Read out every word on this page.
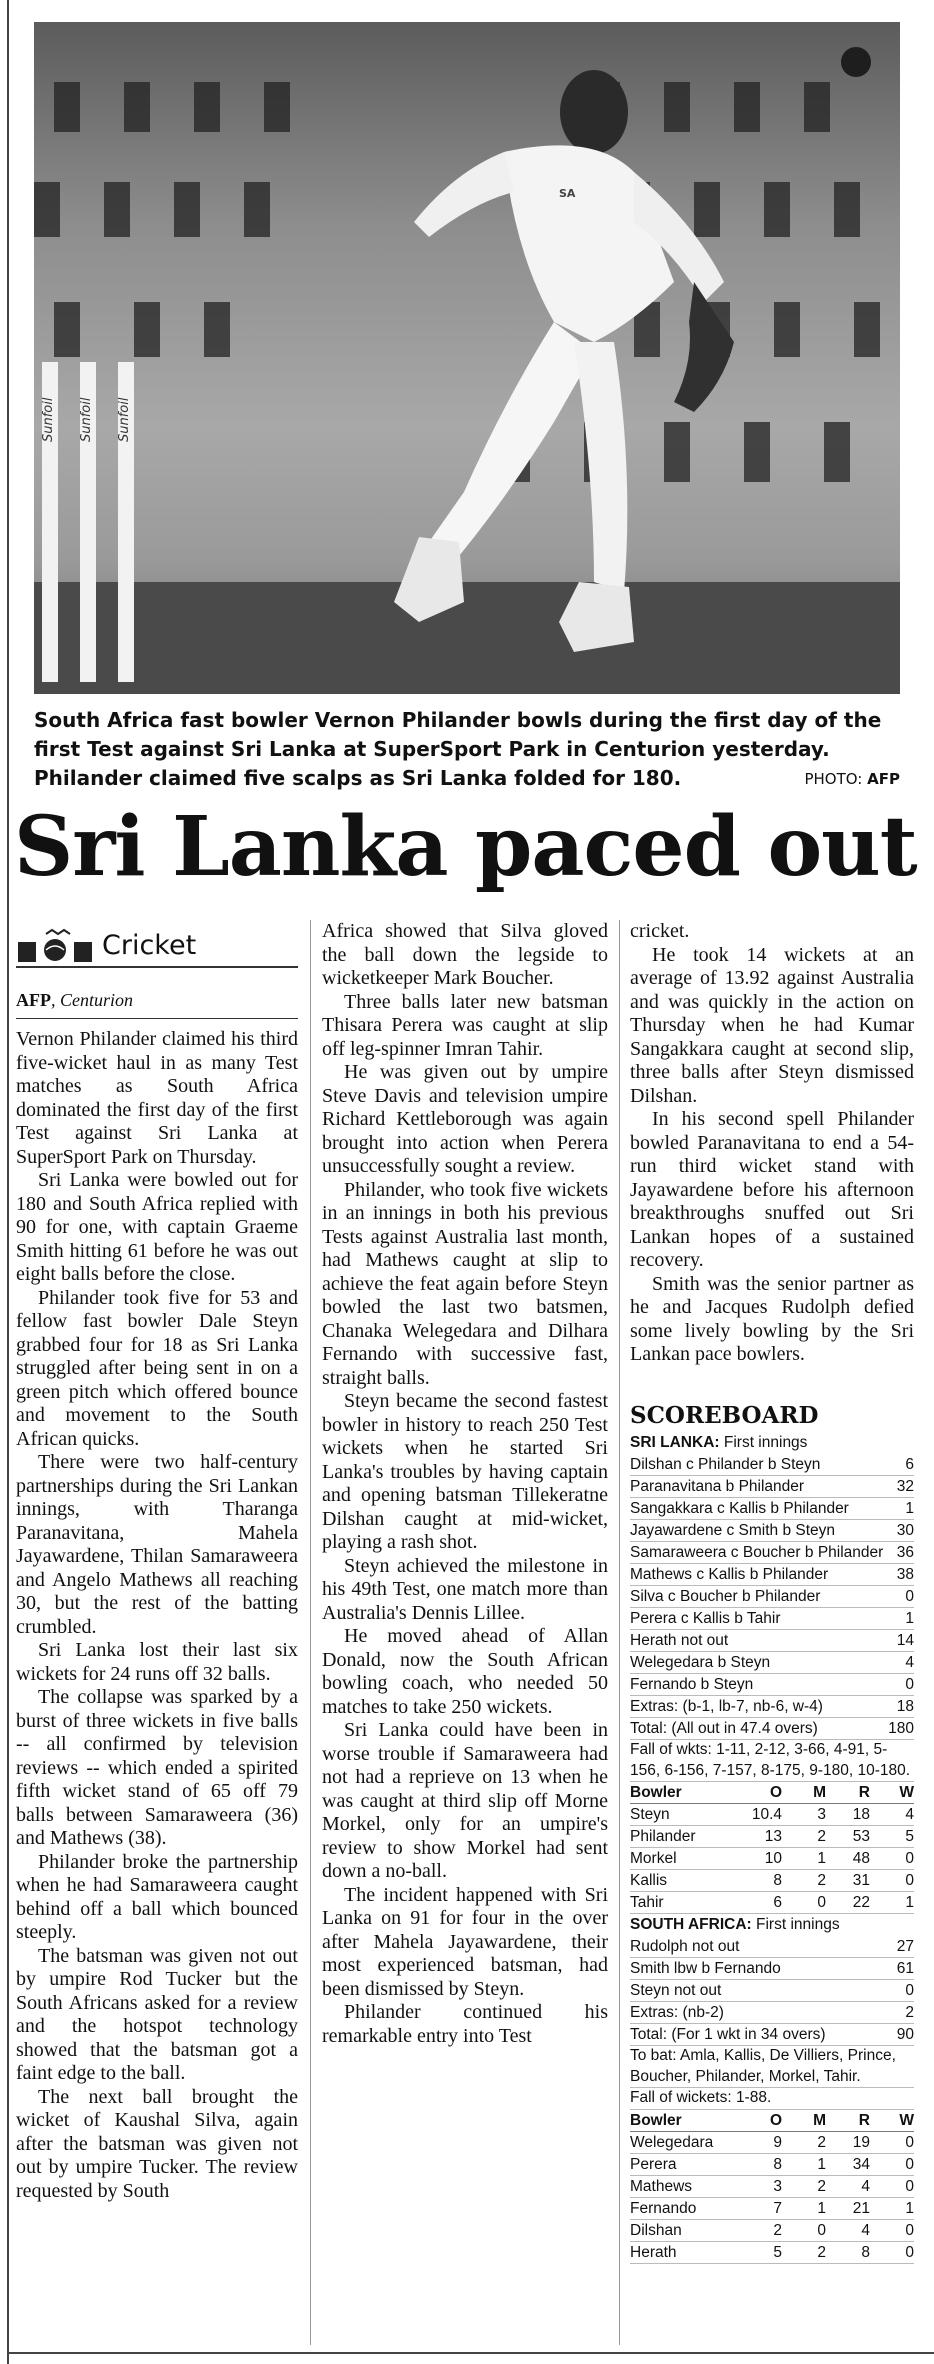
Sunfoil Sunfoil Sunfoil
SA
South Africa fast bowler Vernon Philander bowls during the first day of the first Test against Sri Lanka at SuperSport Park in Centurion yesterday. Philander claimed five scalps as Sri Lanka folded for 180.	PHOTO: AFP
Sri Lanka paced out
Cricket
AFP, Centurion

Vernon Philander claimed his third five-wicket haul in as many Test matches as South Africa dominated the first day of the first Test against Sri Lanka at SuperSport Park on Thursday.

Sri Lanka were bowled out for 180 and South Africa replied with 90 for one, with captain Graeme Smith hitting 61 before he was out eight balls before the close.

Philander took five for 53 and fellow fast bowler Dale Steyn grabbed four for 18 as Sri Lanka struggled after being sent in on a green pitch which offered bounce and movement to the South African quicks.

There were two half-century partnerships during the Sri Lankan innings, with Tharanga Paranavitana, Mahela Jayawardene, Thilan Samaraweera and Angelo Mathews all reaching 30, but the rest of the batting crumbled.

Sri Lanka lost their last six wickets for 24 runs off 32 balls.

The collapse was sparked by a burst of three wickets in five balls -- all confirmed by television reviews -- which ended a spirited fifth wicket stand of 65 off 79 balls between Samaraweera (36) and Mathews (38).

Philander broke the partnership when he had Samaraweera caught behind off a ball which bounced steeply.

The batsman was given not out by umpire Rod Tucker but the South Africans asked for a review and the hotspot technology showed that the batsman got a faint edge to the ball.

The next ball brought the wicket of Kaushal Silva, again after the batsman was given not out by umpire Tucker. The review requested by South

Africa showed that Silva gloved the ball down the legside to wicketkeeper Mark Boucher.

Three balls later new batsman Thisara Perera was caught at slip off leg-spinner Imran Tahir.

He was given out by umpire Steve Davis and television umpire Richard Kettleborough was again brought into action when Perera unsuccessfully sought a review.

Philander, who took five wickets in an innings in both his previous Tests against Australia last month, had Mathews caught at slip to achieve the feat again before Steyn bowled the last two batsmen, Chanaka Welegedara and Dilhara Fernando with successive fast, straight balls.

Steyn became the second fastest bowler in history to reach 250 Test wickets when he started Sri Lanka's troubles by having captain and opening batsman Tillekeratne Dilshan caught at mid-wicket, playing a rash shot.

Steyn achieved the milestone in his 49th Test, one match more than Australia's Dennis Lillee.

He moved ahead of Allan Donald, now the South African bowling coach, who needed 50 matches to take 250 wickets.

Sri Lanka could have been in worse trouble if Samaraweera had not had a reprieve on 13 when he was caught at third slip off Morne Morkel, only for an umpire's review to show Morkel had sent down a no-ball.

The incident happened with Sri Lanka on 91 for four in the over after Mahela Jayawardene, their most experienced batsman, had been dismissed by Steyn.

Philander continued his remarkable entry into Test

cricket.

He took 14 wickets at an average of 13.92 against Australia and was quickly in the action on Thursday when he had Kumar Sangakkara caught at second slip, three balls after Steyn dismissed Dilshan.

In his second spell Philander bowled Paranavitana to end a 54-run third wicket stand with Jayawardene before his afternoon breakthroughs snuffed out Sri Lankan hopes of a sustained recovery.

Smith was the senior partner as he and Jacques Rudolph defied some lively bowling by the Sri Lankan pace bowlers.

SCOREBOARD
SRI LANKA: First innings
Dilshan c Philander b Steyn	6
Paranavitana b Philander	32
Sangakkara c Kallis b Philander	1
Jayawardene c Smith b Steyn	30
Samaraweera c Boucher b Philander 36
Mathews c Kallis b Philander	38
Silva c Boucher b Philander	0
Perera c Kallis b Tahir	1
Herath not out	14
Welegedara b Steyn	4
Fernando b Steyn	0
Extras: (b-1, lb-7, nb-6, w-4)	18
Total: (All out in 47.4 overs)	180
Fall of wkts: 1-11, 2-12, 3-66, 4-91, 5-156, 6-156, 7-157, 8-175, 9-180, 10-180.
Bowler	O	M	R	W
Steyn	10.4	3	18	4
Philander	13	2	53	5
Morkel	10	1	48	0
Kallis	8	2	31	0
Tahir	6	0	22	1
SOUTH AFRICA: First innings
Rudolph not out	27
Smith lbw b Fernando	61
Steyn not out	0
Extras: (nb-2)	2
Total: (For 1 wkt in 34 overs)	90
To bat: Amla, Kallis, De Villiers, Prince, Boucher, Philander, Morkel, Tahir.
Fall of wickets: 1-88.
Bowler	O	M	R	W
Welegedara	9	2	19	0
Perera	8	1	34	0
Mathews	3	2	4	0
Fernando	7	1	21	1
Dilshan	2	0	4	0
Herath	5	2	8	0
